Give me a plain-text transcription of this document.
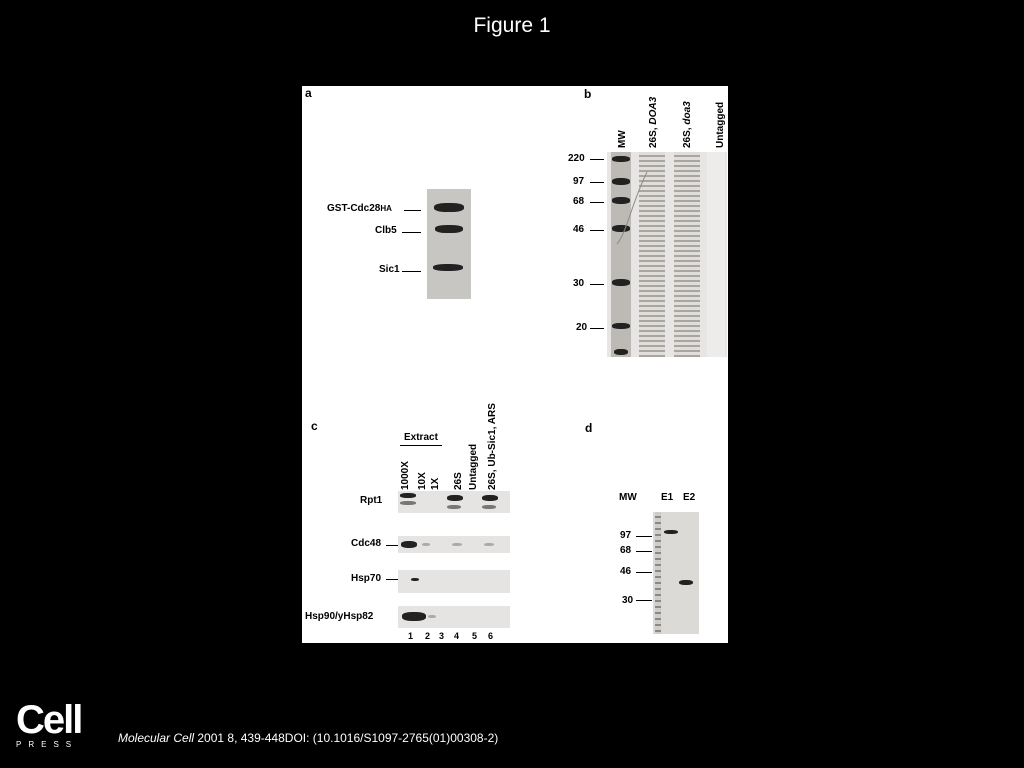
Figure 1
a
GST-Cdc28HA
Clb5
Sic1
b
MW 26S, DOA3
26S, doa3 Untagged
220
97
68
46
30
20
c
Extract
1000X 10X 1X 26S Untagged 26S, Ub-Sic1, ARS
Rpt1
Cdc48
Hsp70
Hsp90/yHsp82
1 2 3 4 5 6
d
MW E1 E2
97
68
46
30
Cell
PRESS	Molecular Cell 2001 8, 439-448DOI: (10.1016/S1097-2765(01)00308-2)
